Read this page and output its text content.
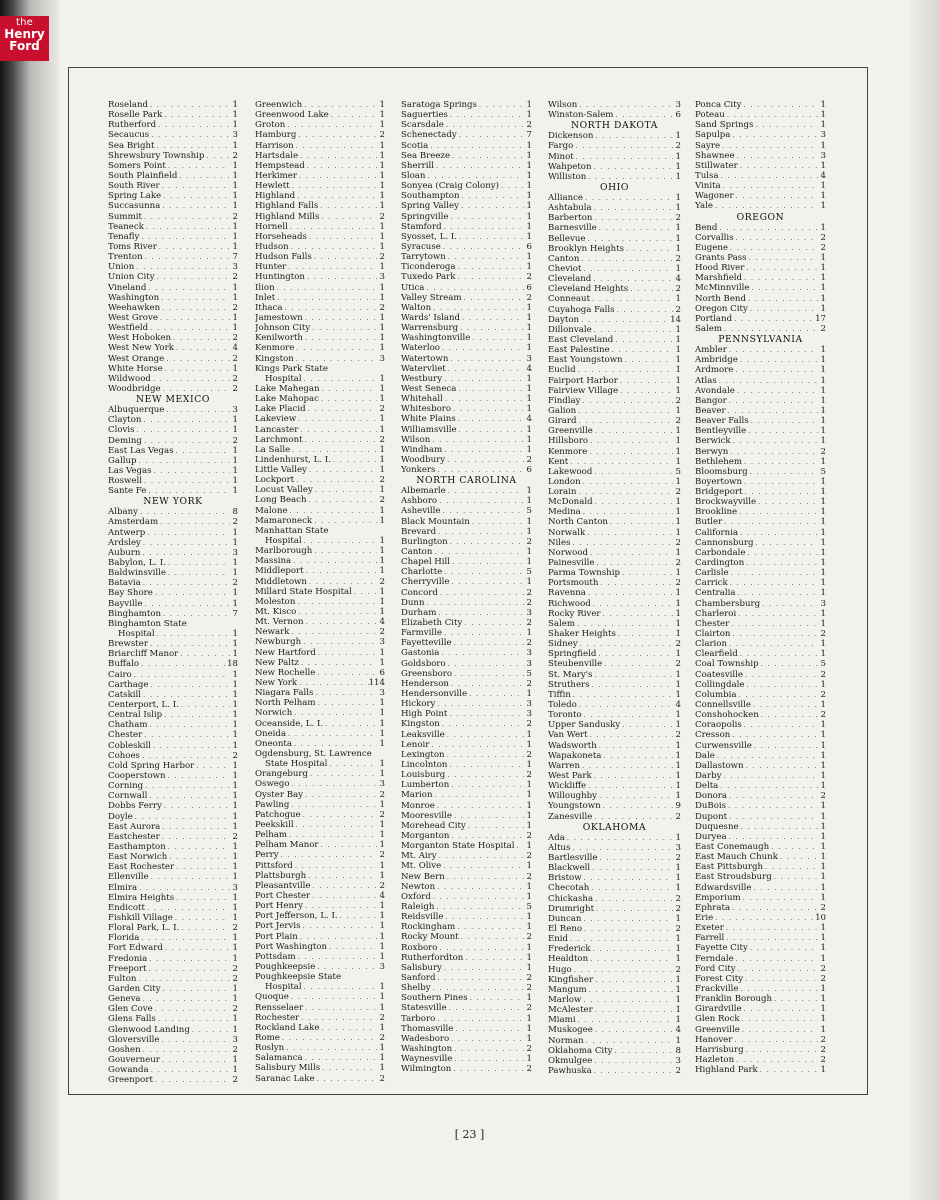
the
Henry
Ford
Roseland . . .	1
Roselle Park . . .	1
Rutherford . . .	1
Secaucus . . .	3
Sea Bright . . .	1
Shrewsbury Township . . .	2
Somers Point . . .	1
South Plainfield . . .	1
South River . . .	1
Spring Lake . . .	1
Succasunna . . .	1
Summit . . .	2
Teaneck . . .	1
Tenafly . . .	1
Toms River . . .	1
Trenton . . .	7
Union . . .	3
Union City . . .	2
Vineland . . .	1
Washington . . .	1
Weehawken . . .	2
West Grove . . .	1
Westfield . . .	1
West Hoboken . . .	2
West New York . . .	4
West Orange . . .	2
White Horse . . .	1
Wildwood . . .	2
Woodbridge . . .	2
NEW MEXICO
Albuquerque . . .	3
Clayton . . .	1
Clovis . . .	1
Deming . . .	2
East Las Vegas . . .	1
Gallup . . .	1
Las Vegas . . .	1
Roswell . . .	1
Sante Fe . . .	1
NEW YORK
Albany . . .	8
Amsterdam . . .	2
Antwerp . . .	1
Ardsley . . .	1
Auburn . . .	3
Babylon, L. I. . . .	1
Baldwinsville . . .	1
Batavia . . .	2
Bay Shore . . .	1
Bayville . . .	1
Binghamton . . .	7
Binghamton State
Hospital . . .	1
Brewster . . .	1
Briarcliff Manor . . .	1
Buffalo . . .	18
Cairo . . .	1
Carthage . . .	1
Catskill . . .	1
Centerport, L. I. . . .	1
Central Islip . . .	1
Chatham . . .	1
Chester . . .	1
Cobleskill . . .	1
Cohoes . . .	2
Cold Spring Harbor . . .	1
Cooperstown . . .	1
Corning . . .	1
Cornwall . . .	1
Dobbs Ferry . . .	1
Doyle . . .	1
East Aurora . . .	1
Eastchester . . .	2
Easthampton . . .	1
East Norwich . . .	1
East Rochester . . .	1
Ellenville . . .	1
Elmira . . .	3
Elmira Heights . . .	1
Endicott . . .	1
Fishkill Village . . .	1
Floral Park, L. I. . . .	2
Florida . . .	1
Fort Edward . . .	1
Fredonia . . .	1
Freeport . . .	2
Fulton . . .	2
Garden City . . .	1
Geneva . . .	1
Glen Cove . . .	2
Glens Falls . . .	1
Glenwood Landing . . .	1
Gloversville . . .	3
Goshen . . .	2
Gouverneur . . .	1
Gowanda . . .	1
Greenport . . .	2
Greenwich . . .	1
Greenwood Lake . . .	1
Groton . . .	1
Hamburg . . .	2
Harrison . . .	1
Hartsdale . . .	1
Hempstead . . .	1
Herkimer . . .	1
Hewlett . . .	1
Highland . . .	1
Highland Falls . . .	1
Highland Mills . . .	2
Hornell . . .	1
Horseheads . . .	1
Hudson . . .	1
Hudson Falls . . .	2
Hunter . . .	1
Huntington . . .	3
Ilion . . .	1
Inlet . . .	1
Ithaca . . .	2
Jamestown . . .	1
Johnson City . . .	1
Kenilworth . . .	1
Kenmore . . .	1
Kingston . . .	3
Kings Park State
Hospital . . .	1
Lake Mahegan . . .	1
Lake Mahopac . . .	1
Lake Placid . . .	2
Lakeview . . .	1
Lancaster . . .	1
Larchmont . . .	2
La Salle . . .	1
Lindenhurst, L. I. . . .	1
Little Valley . . .	1
Lockport . . .	2
Locust Valley . . .	1
Long Beach . . .	2
Malone . . .	1
Mamaroneck . . .	1
Manhattan State
Hospital . . .	1
Marlborough . . .	1
Massina . . .	1
Middleport . . .	1
Middletown . . .	2
Millard State Hospital . . .	1
Moleston . . .	1
Mt. Kisco . . .	1
Mt. Vernon . . .	4
Newark . . .	2
Newburgh . . .	3
New Hartford . . .	1
New Paltz . . .	1
New Rochelle . . .	6
New York . . .	114
Niagara Falls . . .	3
North Pelham . . .	1
Norwich . . .	1
Oceanside, L. I. . . .	1
Oneida . . .	1
Oneonta . . .	1
Ogdensburg, St. Lawrence
State Hospital . . .	1
Orangeburg . . .	1
Oswego . . .	3
Oyster Bay . . .	2
Pawling . . .	1
Patchogue . . .	2
Peekskill . . .	1
Pelham . . .	1
Pelham Manor . . .	1
Perry . . .	2
Pittsford . . .	1
Plattsburgh . . .	1
Pleasantville . . .	2
Port Chester . . .	4
Port Henry . . .	1
Port Jefferson, L. I. . . .	1
Port Jervis . . .	1
Port Plain . . .	1
Port Washington . . .	1
Pottsdam . . .	1
Poughkeepsie . . .	3
Poughkeepsie State
Hospital . . .	1
Quoque . . .	1
Rensselaer . . .	1
Rochester . . .	2
Rockland Lake . . .	1
Rome . . .	2
Roslyn . . .	1
Salamanca . . .	1
Salisbury Mills . . .	1
Saranac Lake . . .	2
Saratoga Springs . . .	1
Saguerties . . .	1
Scarsdale . . .	2
Schenectady . . .	7
Scotia . . .	1
Sea Breeze . . .	1
Sherrill . . .	1
Sloan . . .	1
Sonyea (Craig Colony) . . .	1
Southampton . . .	1
Spring Valley . . .	1
Springville . . .	1
Stamford . . .	1
Syosset, L. I. . . .	1
Syracuse . . .	6
Tarrytown . . .	1
Ticonderoga . . .	1
Tuxedo Park . . .	2
Utica . . .	6
Valley Stream . . .	2
Walton . . .	1
Wards' Island . . .	1
Warrensburg . . .	1
Washingtonville . . .	1
Waterloo . . .	1
Watertown . . .	3
Watervliet . . .	4
Westbury . . .	1
West Seneca . . .	1
Whitehall . . .	1
Whitesboro . . .	1
White Plains . . .	4
Williamsville . . .	1
Wilson . . .	1
Windham . . .	1
Woodbury . . .	2
Yonkers . . .	6
NORTH CAROLINA
Albemarle . . .	1
Ashboro . . .	1
Asheville . . .	5
Black Mountain . . .	1
Brevard . . .	1
Burlington . . .	2
Canton . . .	1
Chapel Hill . . .	1
Charlotte . . .	5
Cherryville . . .	1
Concord . . .	2
Dunn . . .	2
Durham . . .	3
Elizabeth City . . .	2
Farmville . . .	1
Fayetteville . . .	2
Gastonia . . .	3
Goldsboro . . .	3
Greensboro . . .	5
Henderson . . .	2
Hendersonville . . .	1
Hickory . . .	3
High Point . . .	3
Kingston . . .	2
Leaksville . . .	1
Lenoir . . .	1
Lexington . . .	2
Lincolnton . . .	1
Louisburg . . .	2
Lumberton . . .	1
Marion . . .	1
Monroe . . .	1
Mooresville . . .	1
Morehead City . . .	1
Morganton . . .	2
Morganton State Hospital . . . 1
Mt. Airy . . .	2
Mt. Olive . . .	1
New Bern . . .	2
Newton . . .	1
Oxford . . .	1
Raleigh . . .	5
Reidsville . . .	1
Rockingham . . .	1
Rocky Mount . . .	2
Roxboro . . .	1
Rutherfordton . . .	1
Salisbury . . .	1
Sanford . . .	2
Shelby . . .	2
Southern Pines . . .	1
Statesville . . .	2
Tarboro . . .	1
Thomasville . . .	1
Wadesboro . . .	1
Washington . . .	2
Waynesville . . .	1
Wilmington . . .	2
Wilson . . .	3
Winston-Salem . . .	6
NORTH DAKOTA
Dickenson . . .	1
Fargo . . .	2
Minot . . .	1
Wahpeton . . .	1
Williston . . .	1
OHIO
Alliance . . .	1
Ashtabula . . .	1
Barberton . . .	2
Barnesville . . .	1
Bellevue . . .	1
Brooklyn Heights . . .	1
Canton . . .	2
Cheviot . . .	1
Cleveland . . .	4
Cleveland Heights . . .	2
Conneaut . . .	1
Cuyahoga Falls . . .	2
Dayton . . .	14
Dillonvale . . .	1
East Cleveland . . .	1
East Palestine . . .	1
East Youngstown . . .	1
Euclid . . .	1
Fairport Harbor . . .	1
Fairview Village . . .	1
Findlay . . .	2
Galion . . .	1
Girard . . .	2
Greenville . . .	1
Hillsboro . . .	1
Kenmore . . .	1
Kent . . .	1
Lakewood . . .	5
London . . .	1
Lorain . . .	2
McDonald . . .	1
Medina . . .	1
North Canton . . .	1
Norwalk . . .	1
Niles . . .	2
Norwood . . .	1
Painesville . . .	2
Parma Township . . .	1
Portsmouth . . .	2
Ravenna . . .	1
Richwood . . .	1
Rocky River . . .	1
Salem . . .	1
Shaker Heights . . .	1
Sidney . . .	2
Springfield . . .	1
Steubenville . . .	2
St. Mary's . . .	1
Struthers . . .	1
Tiffin . . .	1
Toledo . . .	4
Toronto . . .	1
Upper Sandusky . . .	1
Van Wert . . .	2
Wadsworth . . .	1
Wapakoneta . . .	1
Warren . . .	1
West Park . . .	1
Wickliffe . . .	1
Willoughby . . .	1
Youngstown . . .	9
Zanesville . . .	2
OKLAHOMA
Ada . . .	1
Altus . . .	3
Bartlesville . . .	2
Blackwell . . .	1
Bristow . . .	1
Checotah . . .	1
Chickasha . . .	2
Drumright . . .	2
Duncan . . .	1
El Reno . . .	2
Enid . . .	1
Frederick . . .	1
Healdton . . .	1
Hugo . . .	2
Kingfisher . . .	1
Mangum . . .	1
Marlow . . .	1
McAlester . . .	1
Miami . . .	1
Muskogee . . .	4
Norman . . .	1
Oklahoma City . . .	8
Okmulgee . . .	3
Pawhuska . . .	2
Ponca City . . .	1
Poteau . . .	1
Sand Springs . . .	1
Sapulpa . . .	3
Sayre . . .	1
Shawnee . . .	3
Stillwater . . .	1
Tulsa . . .	4
Vinita . . .	1
Wagoner . . .	1
Yale . . .	1
OREGON
Bend . . .	1
Corvallis . . .	2
Eugene . . .	2
Grants Pass . . .	1
Hood River . . .	1
Marshfield . . .	1
McMinnville . . .	1
North Bend . . .	1
Oregon City . . .	1
Portland . . .	17
Salem . . .	2
PENNSYLVANIA
Ambler . . .	1
Ambridge . . .	1
Ardmore . . .	1
Atlas . . .	1
Avondale . . .	1
Bangor . . .	1
Beaver . . .	1
Beaver Falls . . .	1
Bentleyville . . .	1
Berwick . . .	1
Berwyn . . .	2
Bethlehem . . .	1
Bloomsburg . . .	5
Boyertown . . .	1
Bridgeport . . .	1
Brockwayville . . .	1
Brookline . . .	1
Butler . . .	1
California . . .	1
Cannonsburg . . .	1
Carbondale . . .	1
Cardington . . .	1
Carlisle . . .	1
Carrick . . .	1
Centralia . . .	1
Chambersburg . . .	3
Charleroi . . .	1
Chester . . .	1
Clairton . . .	2
Clarion . . .	1
Clearfield . . .	1
Coal Township . . .	5
Coatesville . . .	2
Collingdale . . .	1
Columbia . . .	2
Connellsville . . .	1
Conshohocken . . .	2
Coraopolis . . .	1
Cresson . . .	1
Curwensville . . .	1
Dale . . .	1
Dallastown . . .	1
Darby . . .	1
Delta . . .	1
Donora . . .	2
DuBois . . .	1
Dupont . . .	1
Duquesne . . .	1
Duryea . . .	1
East Conemaugh . . .	1
East Mauch Chunk . . .	1
East Pittsburgh . . .	1
East Stroudsburg . . .	1
Edwardsville . . .	1
Emporium . . .	1
Ephrata . . .	2
Erie . . .	10
Exeter . . .	1
Farrell . . .	1
Fayette City . . .	1
Ferndale . . .	1
Ford City . . .	2
Forest City . . .	2
Frackville . . .	1
Franklin Borough . . .	1
Girardville . . .	1
Glen Rock . . .	1
Greenville . . .	1
Hanover . . .	2
Harrisburg . . .	2
Hazleton . . .	2
Highland Park . . .	1
[ 23 ]
